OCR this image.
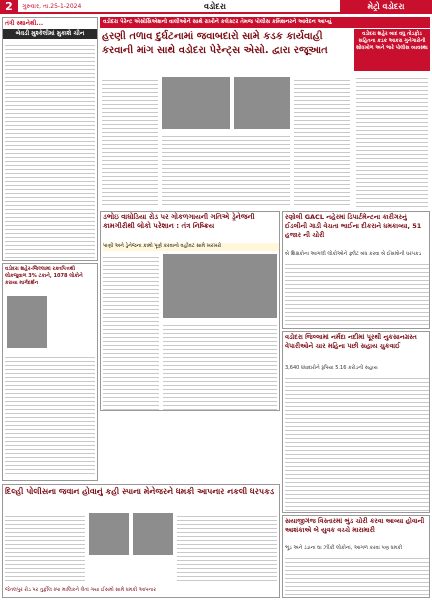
2	ગુરુવાર, તા.25-1-2024	વડોદરા	મેટ્રો વડોદરા
તંત્રી સ્થાનેથી...
બેવડી મુશ્કેલીમાં મુકાશે ચીન
વડોદરા શહેર-જિલ્લામાં રક્તપિત્તથી લોકજુવાળ 3% ટકાને, 1078 લોકોને કરાયા માર્ગદર્શન
વડોદરા પેરેન્ટ એસોસિએશનો વાલીઓને સાથે રાખીને કલેક્ટર તેમજ પોલીસ કમિશનરને આવેદન આપ્યું
હરણી તળાવ દુર્ઘટનામાં જવાબદારો સામે કડક કાર્યવાહી કરવાની માંગ સાથે વડોદરા પેરેન્ટ્સ એસો. દ્વારા રજૂઆત
વડોદરા શહેર બાદ વધુ તોડફોડ સહિતના કડક આકરા ગુનેગારોની શોધખોળ અને ભારે પોલીસ વ્યવસ્થા
ડભોઇ વાઘોડિયા રોડ પર ગોકળગાયની ગતિએ ડ્રેનેજની કામગીરીથી લોકો પરેશાન : તંત્ર નિષ્ક્રિય
પાણી અને ડ્રેનેજના કામો પૂર્ણ કરવાનો વહીવટ સામે ખરખરો
રણોલી GACL નહેરમાં ડિપાર્ટમેન્ટના કારીગરનું ઈડલીની ગાડી વેચતા ભાઈના દીકરાને ધમકાવ્યા, 51 હજાર ની ચોરી
બે શિક્ષકોના આગલી લોકોઓને ફ્લેટ બંધ કરવા બે ઈસમોની ધરપકડ
વડોદરા જિલ્લામાં નર્મદા નદીમાં પૂરથી નુકસાનગ્રસ્ત વેપારીઓને ચાર મહિના પછી સહાય ચુકવાઈ
3,640 ધંધાદારોને રૂપિયા 5.16 કરોડની સહાય
દિલ્હી પોલીસના જવાન હોવાનું કહી સ્પાના મેનેજરને ધમકી આપનાર નકલી ધરપકડ
જેતલપુર રોડ પર તુર્ફીલ સ્પા માલિકને લેતાં ગયા ઈસમો સામે ધમકી આપનાર
સયાજીગંજ વિસ્તારમાં ભુંડ ચોરી કરવા આવ્યા હોવાની આશંકાએ બે યુવક વચ્ચે મારામારી
ભૂંડ અને ડંડાના ઘા ઝીંકી લોકોનાં, આગળ કરવા પણ ધમકી
